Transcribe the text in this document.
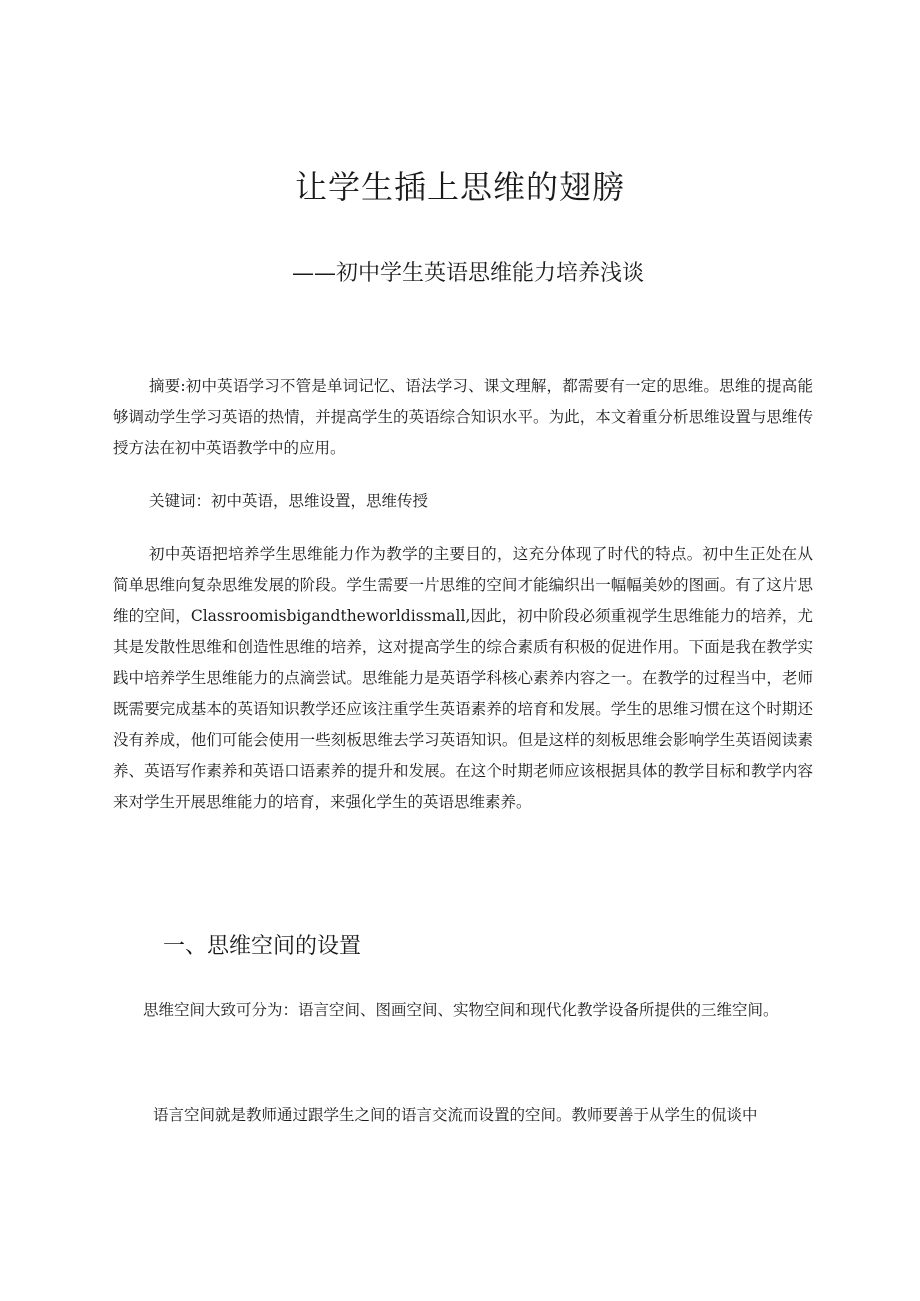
让学生插上思维的翅膀
——初中学生英语思维能力培养浅谈

摘要:初中英语学习不管是单词记忆、语法学习、课文理解，都需要有一定的思维。思维的提高能够调动学生学习英语的热情，并提高学生的英语综合知识水平。为此，本文着重分析思维设置与思维传授方法在初中英语教学中的应用。

关键词：初中英语，思维设置，思维传授

初中英语把培养学生思维能力作为教学的主要目的，这充分体现了时代的特点。初中生正处在从简单思维向复杂思维发展的阶段。学生需要一片思维的空间才能编织出一幅幅美妙的图画。有了这片思维的空间，Classroomisbigandtheworldissmall,因此，初中阶段必须重视学生思维能力的培养，尤其是发散性思维和创造性思维的培养，这对提高学生的综合素质有积极的促进作用。下面是我在教学实践中培养学生思维能力的点滴尝试。思维能力是英语学科核心素养内容之一。在教学的过程当中，老师既需要完成基本的英语知识教学还应该注重学生英语素养的培育和发展。学生的思维习惯在这个时期还没有养成，他们可能会使用一些刻板思维去学习英语知识。但是这样的刻板思维会影响学生英语阅读素养、英语写作素养和英语口语素养的提升和发展。在这个时期老师应该根据具体的教学目标和教学内容来对学生开展思维能力的培育，来强化学生的英语思维素养。

一、思维空间的设置

思维空间大致可分为：语言空间、图画空间、实物空间和现代化教学设备所提供的三维空间。

语言空间就是教师通过跟学生之间的语言交流而设置的空间。教师要善于从学生的侃谈中
